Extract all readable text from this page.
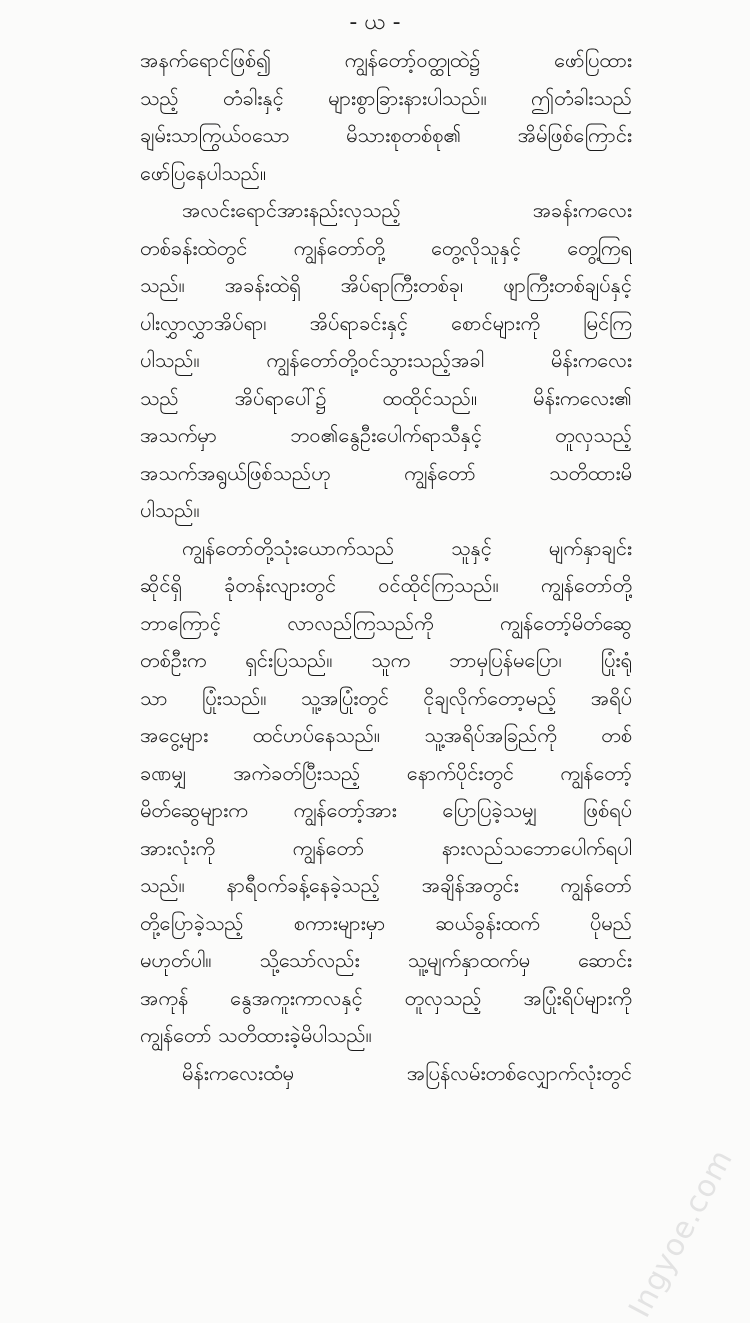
- ယ -
အနက်ရောင်ဖြစ်၍ ကျွန်တော့်ဝတ္ထုထဲ၌ ဖော်ပြထား
သည့် တံခါးနှင့် များစွာခြားနားပါသည်။ ဤတံခါးသည်
ချမ်းသာကြွယ်ဝသော မိသားစုတစ်စု၏ အိမ်ဖြစ်ကြောင်း
ဖော်ပြနေပါသည်။
အလင်းရောင်အားနည်းလှသည့် အခန်းကလေး
တစ်ခန်းထဲတွင် ကျွန်တော်တို့ တွေ့လိုသူနှင့် တွေ့ကြရ
သည်။ အခန်းထဲရှိ အိပ်ရာကြီးတစ်ခု၊ ဖျာကြီးတစ်ချပ်နှင့်
ပါးလွှာလွှာအိပ်ရာ၊ အိပ်ရာခင်းနှင့် စောင်များကို မြင်ကြ
ပါသည်။ ကျွန်တော်တို့ဝင်သွားသည့်အခါ မိန်းကလေး
သည် အိပ်ရာပေါ်၌ ထထိုင်သည်။ မိန်းကလေး၏
အသက်မှာ ဘဝ၏နွေဦးပေါက်ရာသီနှင့် တူလှသည့်
အသက်အရွယ်ဖြစ်သည်ဟု ကျွန်တော် သတိထားမိ
ပါသည်။
ကျွန်တော်တို့သုံးယောက်သည် သူနှင့် မျက်နှာချင်း
ဆိုင်ရှိ ခုံတန်းလျားတွင် ဝင်ထိုင်ကြသည်။ ကျွန်တော်တို့
ဘာကြောင့် လာလည်ကြသည်ကို ကျွန်တော့်မိတ်ဆွေ
တစ်ဦးက ရှင်းပြသည်။ သူက ဘာမှပြန်မပြော၊ ပြုံးရုံ
သာ ပြုံးသည်။ သူ့အပြုံးတွင် ငိုချလိုက်တော့မည့် အရိပ်
အငွေ့များ ထင်ဟပ်နေသည်။ သူ့အရိပ်အခြည်ကို တစ်
ခဏမျှ အကဲခတ်ပြီးသည့် နောက်ပိုင်းတွင် ကျွန်တော့်
မိတ်ဆွေများက ကျွန်တော့်အား ပြောပြခဲ့သမျှ ဖြစ်ရပ်
အားလုံးကို ကျွန်တော် နားလည်သဘောပေါက်ရပါ
သည်။ နာရီဝက်ခန့်နေခဲ့သည့် အချိန်အတွင်း ကျွန်တော်
တို့ပြောခဲ့သည့် စကားများမှာ ဆယ်ခွန်းထက် ပိုမည်
မဟုတ်ပါ။ သို့သော်လည်း သူ့မျက်နှာထက်မှ ဆောင်း
အကုန် နွေအကူးကာလနှင့် တူလှသည့် အပြုံးရိပ်များကို
ကျွန်တော် သတိထားခဲ့မိပါသည်။
မိန်းကလေးထံမှ အပြန်လမ်းတစ်လျှောက်လုံးတွင်
Ingyoe.com
